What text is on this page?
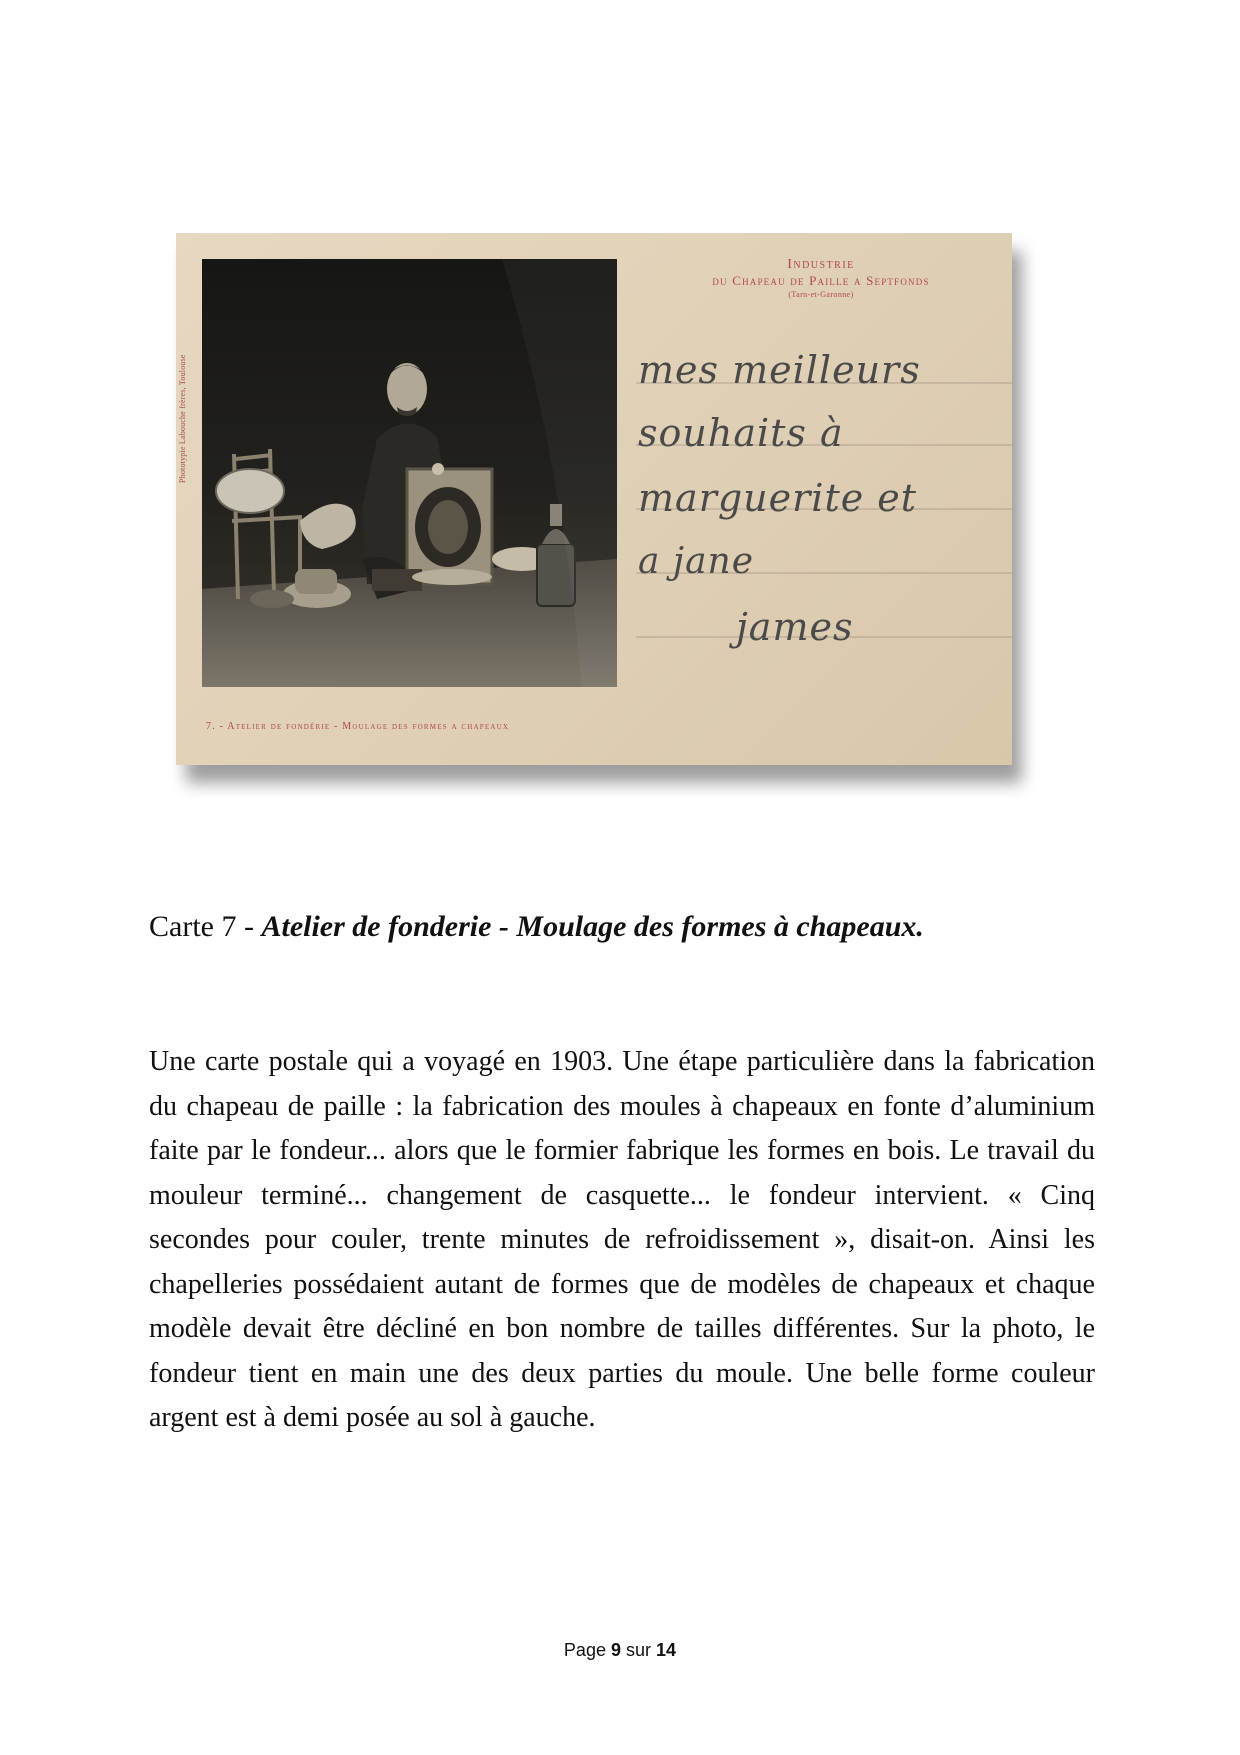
Phototypie Labouche frères, Toulouse
Industrie
du Chapeau de Paille a Septfonds
(Tarn-et-Garonne)
mes meilleurs
souhaits à
marguerite et
a jane
james
7. - Atelier de fondérie - Moulage des formes a chapeaux
Carte 7 - Atelier de fonderie - Moulage des formes à chapeaux.

Une carte postale qui a voyagé en 1903. Une étape particulière dans la fabrication du chapeau de paille : la fabrication des moules à chapeaux en fonte d’aluminium faite par le fondeur... alors que le formier fabrique les formes en bois. Le travail du mouleur terminé... changement de casquette... le fondeur intervient. « Cinq secondes pour couler, trente minutes de refroidissement », disait-on. Ainsi les chapelleries possédaient autant de formes que de modèles de chapeaux et chaque modèle devait être décliné en bon nombre de tailles différentes. Sur la photo, le fondeur tient en main une des deux parties du moule. Une belle forme couleur argent est à demi posée au sol à gauche.

Page 9 sur 14
